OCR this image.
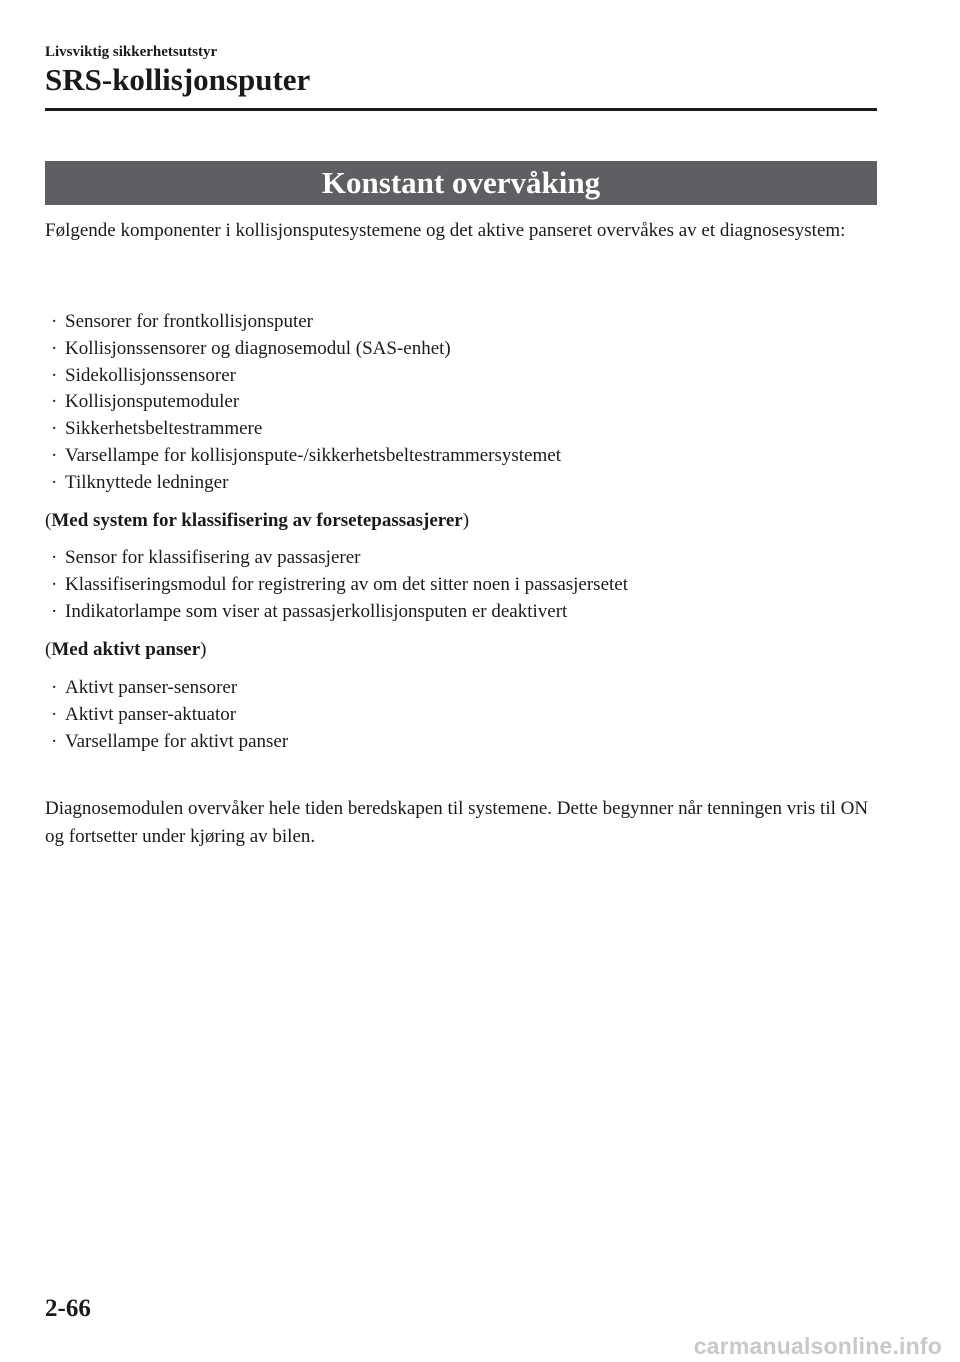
Livsviktig sikkerhetsutstyr
SRS-kollisjonsputer
Konstant overvåking
Følgende komponenter i kollisjonsputesystemene og det aktive panseret overvåkes av et diagnosesystem:
· Sensorer for frontkollisjonsputer
· Kollisjonssensorer og diagnosemodul (SAS-enhet)
· Sidekollisjonssensorer
· Kollisjonsputemoduler
· Sikkerhetsbeltestrammere
· Varsellampe for kollisjonspute-/sikkerhetsbeltestrammersystemet
· Tilknyttede ledninger
(Med system for klassifisering av forsetepassasjerer)
· Sensor for klassifisering av passasjerer
· Klassifiseringsmodul for registrering av om det sitter noen i passasjersetet
· Indikatorlampe som viser at passasjerkollisjonsputen er deaktivert
(Med aktivt panser)
· Aktivt panser-sensorer
· Aktivt panser-aktuator
· Varsellampe for aktivt panser
Diagnosemodulen overvåker hele tiden beredskapen til systemene. Dette begynner når tenningen vris til ON og fortsetter under kjøring av bilen.
2-66
carmanualsonline.info
